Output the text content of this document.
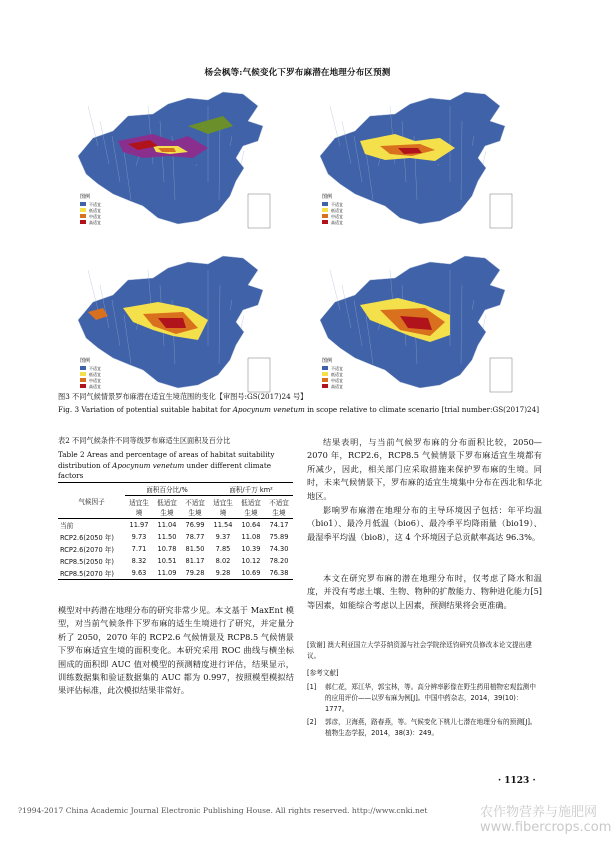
杨会枫等:气候变化下罗布麻潜在地理分布区预测
图例
不适宜
低适宜
中适宜
高适宜
图例
不适宜
低适宜
中适宜
高适宜
图例
不适宜
低适宜
中适宜
高适宜
图例
不适宜
低适宜
中适宜
高适宜
图3 不同气候情景罗布麻潜在适宜生境范围的变化【审图号:GS(2017)24 号】
Fig. 3 Variation of potential suitable habitat for Apocynum venetum in scope relative to climate scenario [trial number:GS(2017)24]
表2 不同气候条件不同等级罗布麻适生区面积及百分比
Table 2 Areas and percentage of areas of habitat suitability distribution of Apocynum venetum under different climate factors
气候因子	面积百分比/%			面积/千万 km²		
	适宜生境	低适宜生境	不适宜生境	适宜生境	低适宜生境	不适宜生境
当前	11.97	11.04	76.99	11.54	10.64	74.17
RCP2.6(2050 年)	9.73	11.50	78.77	9.37	11.08	75.89
RCP2.6(2070 年)	7.71	10.78	81.50	7.85	10.39	74.30
RCP8.5(2050 年)	8.32	10.51	81.17	8.02	10.12	78.20
RCP8.5(2070 年)	9.63	11.09	79.28	9.28	10.69	76.38
模型对中药潜在地理分布的研究非常少见。本文基于 MaxEnt 模型，对当前气候条件下罗布麻的适生生境进行了研究，并定量分析了 2050，2070 年的 RCP2.6 气候情景及 RCP8.5 气候情景下罗布麻适宜生境的面积变化。本研究采用 ROC 曲线与横坐标围成的面积即 AUC 值对模型的预测精度进行评估，结果显示，训练数据集和验证数据集的 AUC 都为 0.997，按照模型模拟结果评估标准，此次模拟结果非常好。
结果表明，与当前气候罗布麻的分布面积比较，2050—2070 年，RCP2.6，RCP8.5 气候情景下罗布麻适宜生境都有所减少，因此，相关部门应采取措施来保护罗布麻的生境。同时，未来气候情景下，罗布麻的适宜生境集中分布在西北和华北地区。
影响罗布麻潜在地理分布的主导环境因子包括：年平均温（bio1）、最冷月低温（bio6）、最冷季平均降雨量（bio19）、最湿季平均温（bio8），这 4 个环境因子总贡献率高达 96.3%。
本文在研究罗布麻的潜在地理分布时，仅考虑了降水和温度，并没有考虑土壤、生物、物种的扩散能力、物种进化能力[5]等因素，如能综合考虑以上因素，预测结果将会更准确。
[致谢] 澳大利亚国立大学芬纳资源与社会学院徐廷钧研究员修改本论文提出建议。
[参考文献]
[1]	郝仁花，郑江华，郭宝林，等。高分辨率影像在野生药用植物宏观监测中的应用评价——以罗布麻为例[J]。中国中药杂志，2014，39(10)：1777。
[2]	郭彦，卫海燕，路春燕，等。气候变化下桃儿七潜在地理分布的预测[J]。植物生态学报，2014，38(3)：249。
· 1123 ·
?1994-2017 China Academic Journal Electronic Publishing House. All rights reserved. http://www.cnki.net	农作物营养与施肥网 www.fibercrops.com
